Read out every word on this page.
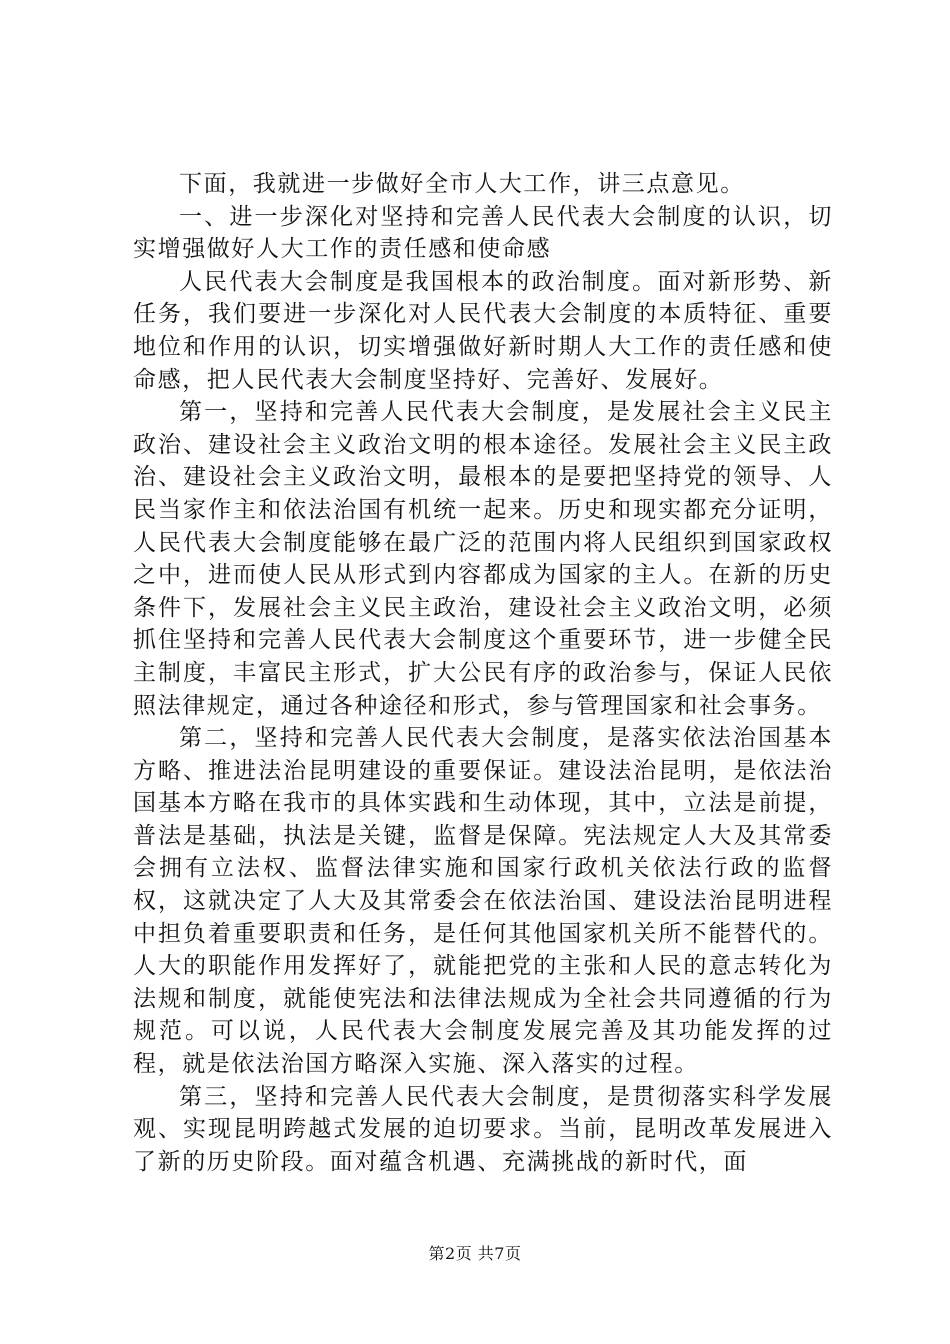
下面，我就进一步做好全市人大工作，讲三点意见。

一、进一步深化对坚持和完善人民代表大会制度的认识，切实增强做好人大工作的责任感和使命感

人民代表大会制度是我国根本的政治制度。面对新形势、新任务，我们要进一步深化对人民代表大会制度的本质特征、重要地位和作用的认识，切实增强做好新时期人大工作的责任感和使命感，把人民代表大会制度坚持好、完善好、发展好。

第一，坚持和完善人民代表大会制度，是发展社会主义民主政治、建设社会主义政治文明的根本途径。发展社会主义民主政治、建设社会主义政治文明，最根本的是要把坚持党的领导、人民当家作主和依法治国有机统一起来。历史和现实都充分证明，人民代表大会制度能够在最广泛的范围内将人民组织到国家政权之中，进而使人民从形式到内容都成为国家的主人。在新的历史条件下，发展社会主义民主政治，建设社会主义政治文明，必须抓住坚持和完善人民代表大会制度这个重要环节，进一步健全民主制度，丰富民主形式，扩大公民有序的政治参与，保证人民依照法律规定，通过各种途径和形式，参与管理国家和社会事务。

第二，坚持和完善人民代表大会制度，是落实依法治国基本方略、推进法治昆明建设的重要保证。建设法治昆明，是依法治国基本方略在我市的具体实践和生动体现，其中，立法是前提，普法是基础，执法是关键，监督是保障。宪法规定人大及其常委会拥有立法权、监督法律实施和国家行政机关依法行政的监督权，这就决定了人大及其常委会在依法治国、建设法治昆明进程中担负着重要职责和任务，是任何其他国家机关所不能替代的。人大的职能作用发挥好了，就能把党的主张和人民的意志转化为法规和制度，就能使宪法和法律法规成为全社会共同遵循的行为规范。可以说，人民代表大会制度发展完善及其功能发挥的过程，就是依法治国方略深入实施、深入落实的过程。

第三，坚持和完善人民代表大会制度，是贯彻落实科学发展观、实现昆明跨越式发展的迫切要求。当前，昆明改革发展进入了新的历史阶段。面对蕴含机遇、充满挑战的新时代，面

第2页 共7页
